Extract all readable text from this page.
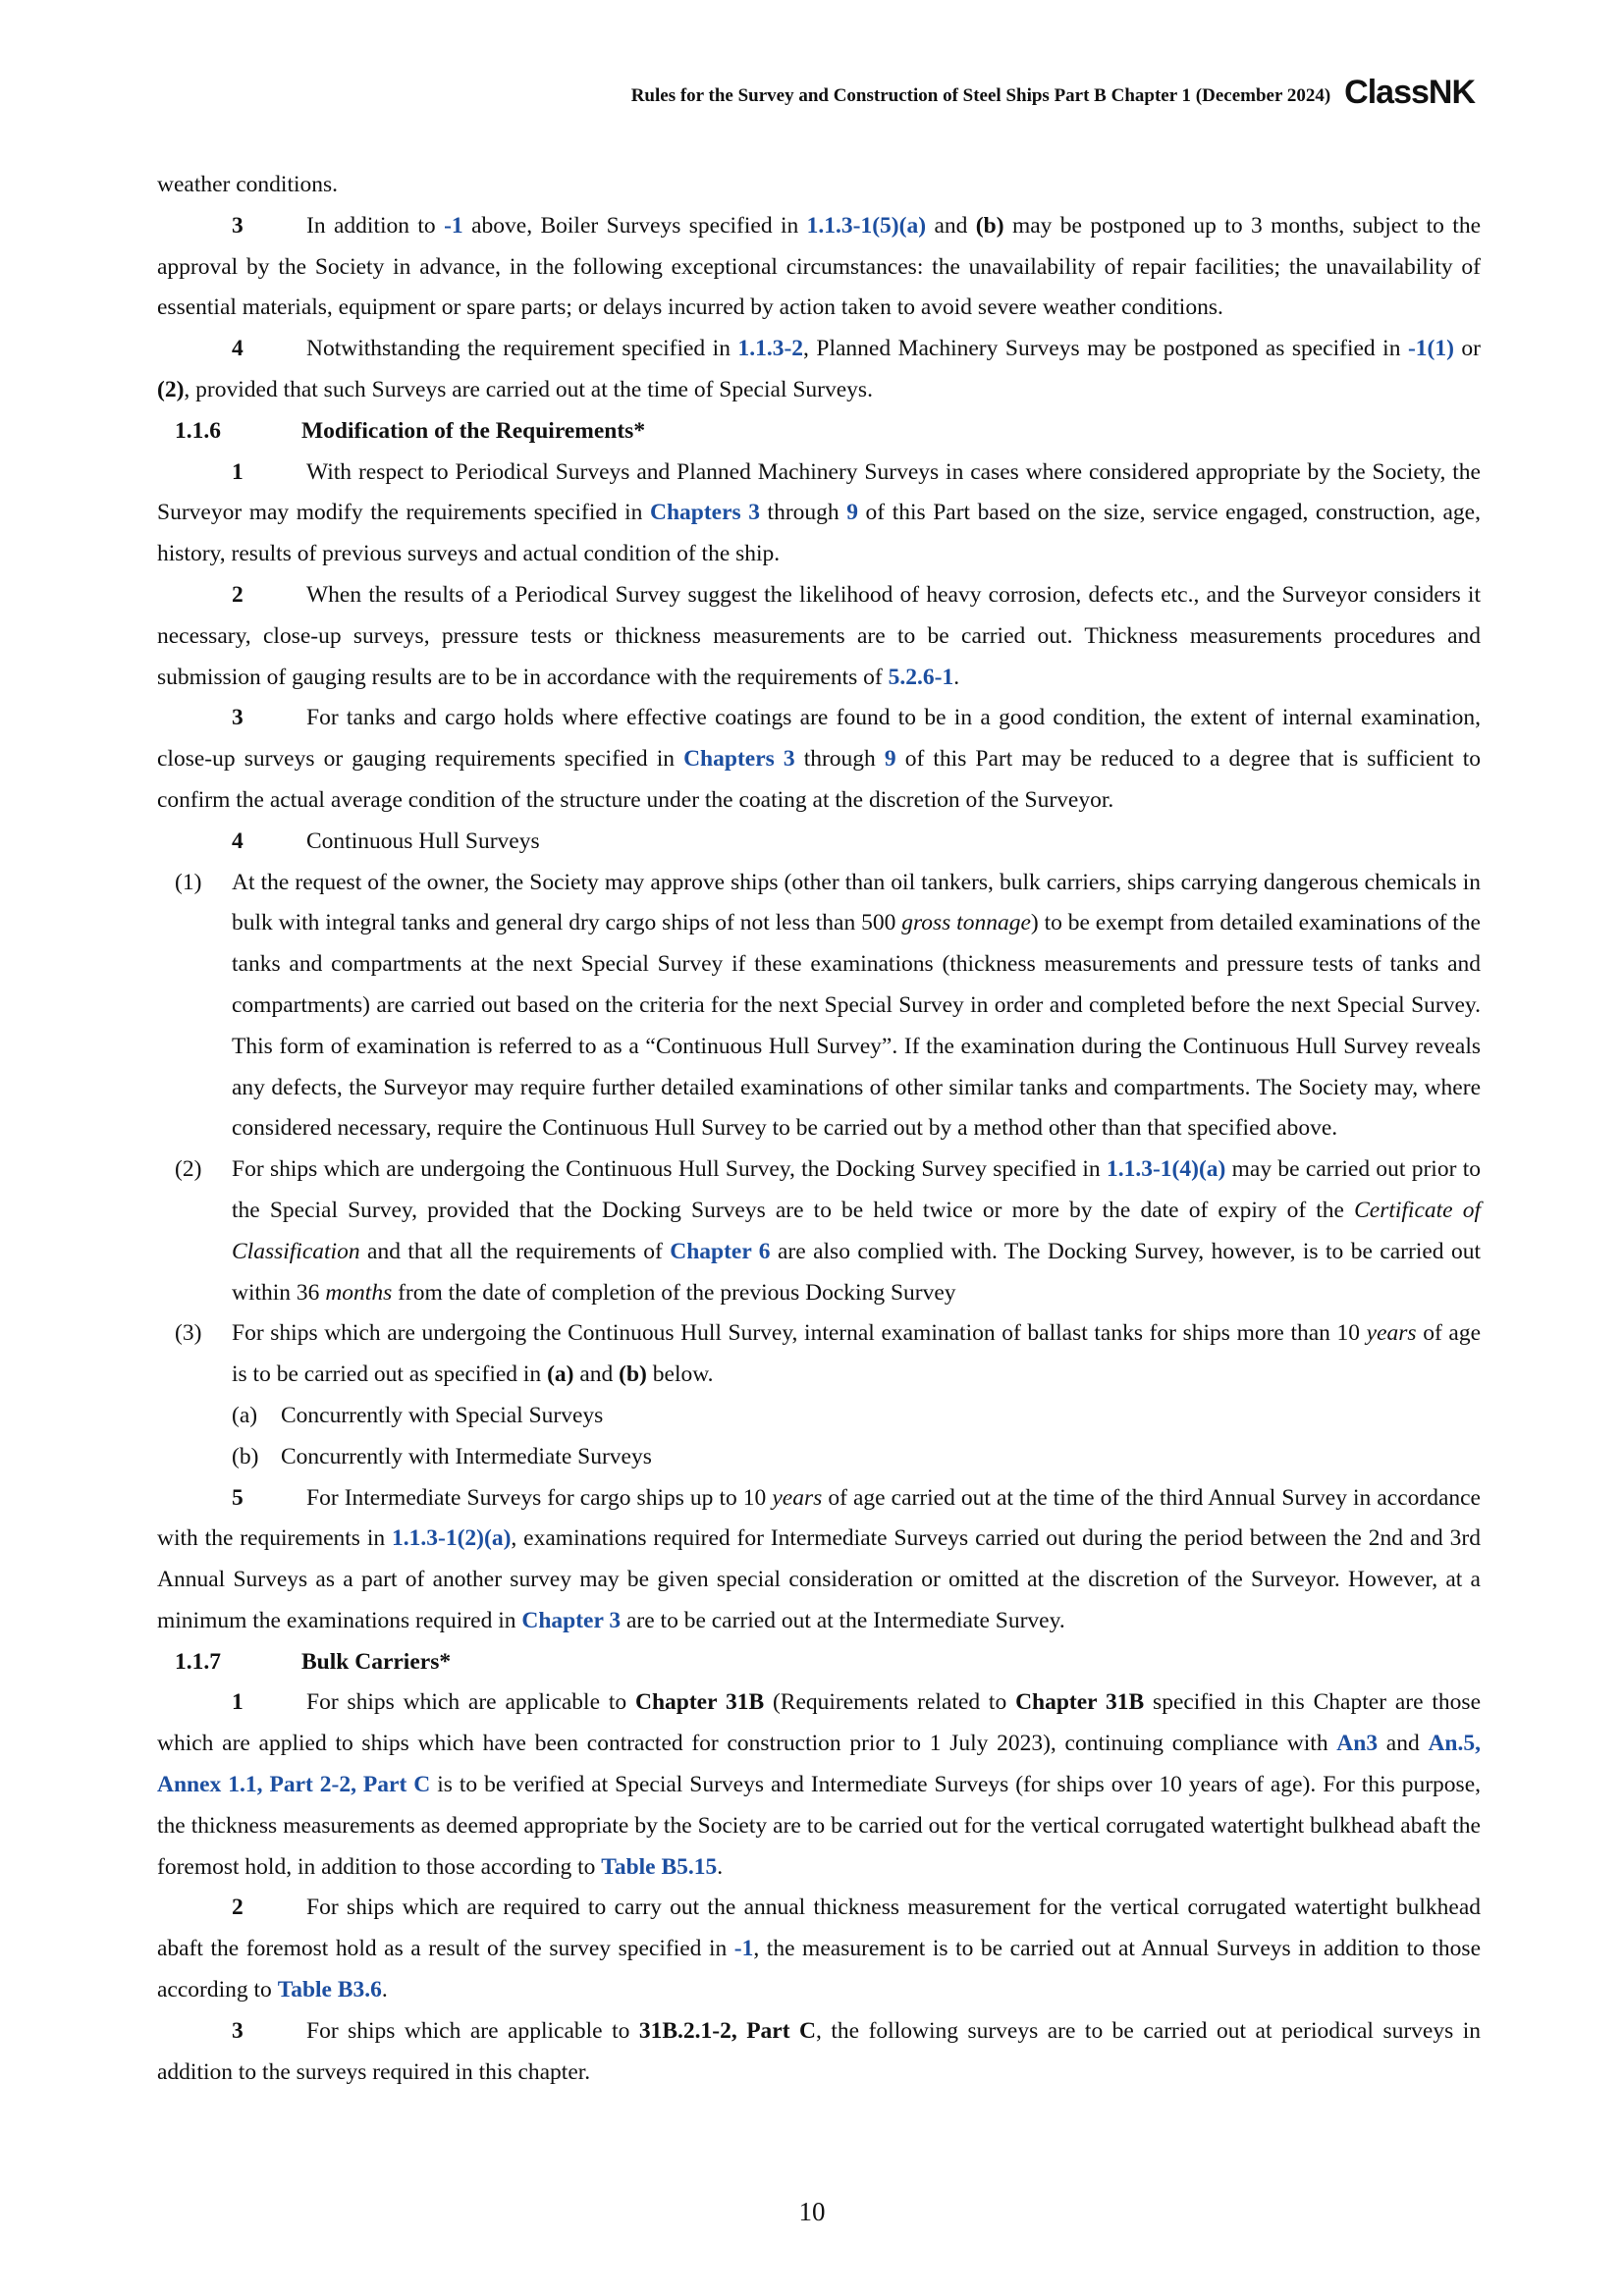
Rules for the Survey and Construction of Steel Ships Part B Chapter 1 (December 2024) ClassNK

weather conditions.

3	In addition to -1 above, Boiler Surveys specified in 1.1.3-1(5)(a) and (b) may be postponed up to 3 months, subject to the approval by the Society in advance, in the following exceptional circumstances: the unavailability of repair facilities; the unavailability of essential materials, equipment or spare parts; or delays incurred by action taken to avoid severe weather conditions.

4	Notwithstanding the requirement specified in 1.1.3-2, Planned Machinery Surveys may be postponed as specified in -1(1) or (2), provided that such Surveys are carried out at the time of Special Surveys.

1.1.6	Modification of the Requirements*

1	With respect to Periodical Surveys and Planned Machinery Surveys in cases where considered appropriate by the Society, the Surveyor may modify the requirements specified in Chapters 3 through 9 of this Part based on the size, service engaged, construction, age, history, results of previous surveys and actual condition of the ship.

2	When the results of a Periodical Survey suggest the likelihood of heavy corrosion, defects etc., and the Surveyor considers it necessary, close-up surveys, pressure tests or thickness measurements are to be carried out. Thickness measurements procedures and submission of gauging results are to be in accordance with the requirements of 5.2.6-1.

3	For tanks and cargo holds where effective coatings are found to be in a good condition, the extent of internal examination, close-up surveys or gauging requirements specified in Chapters 3 through 9 of this Part may be reduced to a degree that is sufficient to confirm the actual average condition of the structure under the coating at the discretion of the Surveyor.

4	Continuous Hull Surveys

(1) At the request of the owner, the Society may approve ships (other than oil tankers, bulk carriers, ships carrying dangerous chemicals in bulk with integral tanks and general dry cargo ships of not less than 500 gross tonnage) to be exempt from detailed examinations of the tanks and compartments at the next Special Survey if these examinations (thickness measurements and pressure tests of tanks and compartments) are carried out based on the criteria for the next Special Survey in order and completed before the next Special Survey. This form of examination is referred to as a “Continuous Hull Survey”. If the examination during the Continuous Hull Survey reveals any defects, the Surveyor may require further detailed examinations of other similar tanks and compartments. The Society may, where considered necessary, require the Continuous Hull Survey to be carried out by a method other than that specified above.

(2) For ships which are undergoing the Continuous Hull Survey, the Docking Survey specified in 1.1.3-1(4)(a) may be carried out prior to the Special Survey, provided that the Docking Surveys are to be held twice or more by the date of expiry of the Certificate of Classification and that all the requirements of Chapter 6 are also complied with. The Docking Survey, however, is to be carried out within 36 months from the date of completion of the previous Docking Survey

(3) For ships which are undergoing the Continuous Hull Survey, internal examination of ballast tanks for ships more than 10 years of age is to be carried out as specified in (a) and (b) below.

(a) Concurrently with Special Surveys

(b) Concurrently with Intermediate Surveys

5	For Intermediate Surveys for cargo ships up to 10 years of age carried out at the time of the third Annual Survey in accordance with the requirements in 1.1.3-1(2)(a), examinations required for Intermediate Surveys carried out during the period between the 2nd and 3rd Annual Surveys as a part of another survey may be given special consideration or omitted at the discretion of the Surveyor. However, at a minimum the examinations required in Chapter 3 are to be carried out at the Intermediate Survey.

1.1.7	Bulk Carriers*

1	For ships which are applicable to Chapter 31B (Requirements related to Chapter 31B specified in this Chapter are those which are applied to ships which have been contracted for construction prior to 1 July 2023), continuing compliance with An3 and An.5, Annex 1.1, Part 2-2, Part C is to be verified at Special Surveys and Intermediate Surveys (for ships over 10 years of age). For this purpose, the thickness measurements as deemed appropriate by the Society are to be carried out for the vertical corrugated watertight bulkhead abaft the foremost hold, in addition to those according to Table B5.15.

2	For ships which are required to carry out the annual thickness measurement for the vertical corrugated watertight bulkhead abaft the foremost hold as a result of the survey specified in -1, the measurement is to be carried out at Annual Surveys in addition to those according to Table B3.6.

3	For ships which are applicable to 31B.2.1-2, Part C, the following surveys are to be carried out at periodical surveys in addition to the surveys required in this chapter.

10
